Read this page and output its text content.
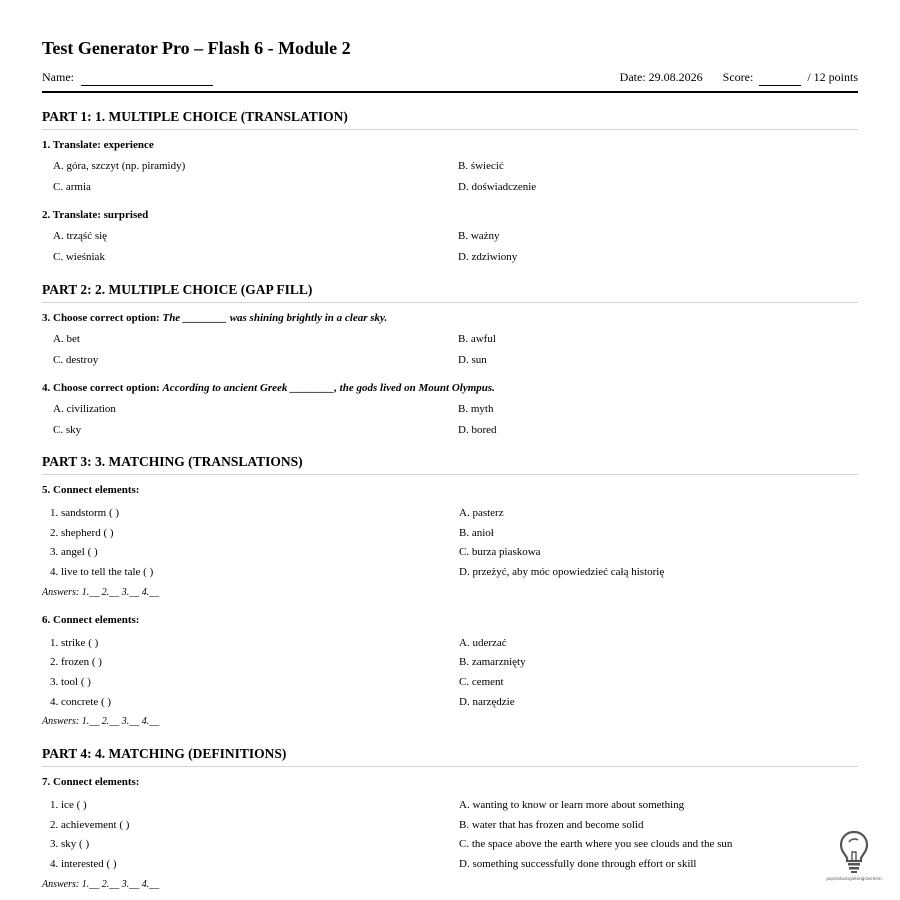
Test Generator Pro – Flash 6 - Module 2
Name:	Date: 29.08.2026 Score:	/ 12 points
PART 1: 1. MULTIPLE CHOICE (TRANSLATION)
1. Translate: experience
A. góra, szczyt (np. piramidy)	B. świecić
C. armia	D. doświadczenie
2. Translate: surprised
A. trząść się	B. ważny
C. wieśniak	D. zdziwiony
PART 2: 2. MULTIPLE CHOICE (GAP FILL)
3. Choose correct option: The ________ was shining brightly in a clear sky.
A. bet	B. awful
C. destroy	D. sun
4. Choose correct option: According to ancient Greek ________, the gods lived on Mount Olympus.
A. civilization	B. myth
C. sky	D. bored
PART 3: 3. MATCHING (TRANSLATIONS)
5. Connect elements:
1. sandstorm ( )	A. pasterz
2. shepherd ( )	B. anioł
3. angel ( )	C. burza piaskowa
4. live to tell the tale ( )	D. przeżyć, aby móc opowiedzieć całą historię
Answers: 1.__ 2.__ 3.__ 4.__
6. Connect elements:
1. strike ( )	A. uderzać
2. frozen ( )	B. zamarznięty
3. tool ( )	C. cement
4. concrete ( )	D. narzędzie
Answers: 1.__ 2.__ 3.__ 4.__
PART 4: 4. MATCHING (DEFINITIONS)
7. Connect elements:
1. ice ( )	A. wanting to know or learn more about something
2. achievement ( )	B. water that has frozen and become solid
3. sky ( )	C. the space above the earth where you see clouds and the sun
4. interested ( )	D. something successfully done through effort or skill
Answers: 1.__ 2.__ 3.__ 4.__
poprostuangielskigrzechem
